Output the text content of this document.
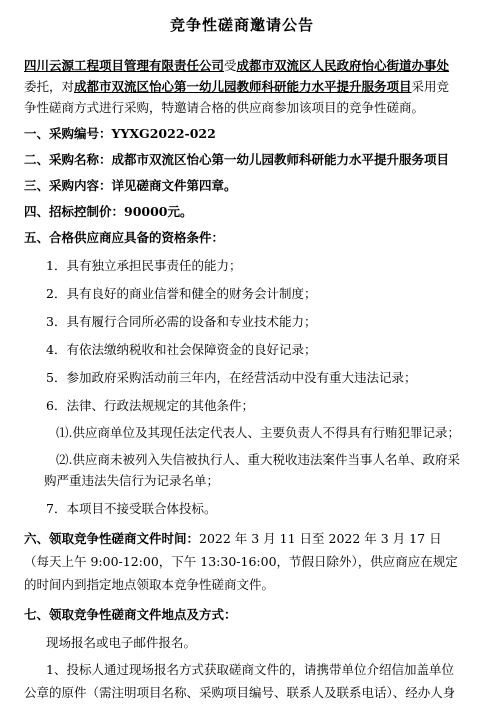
竞争性磋商邀请公告

四川云源工程项目管理有限责任公司受成都市双流区人民政府怡心街道办事处委托，对成都市双流区怡心第一幼儿园教师科研能力水平提升服务项目采用竞争性磋商方式进行采购，特邀请合格的供应商参加该项目的竞争性磋商。

一、采购编号：YYXG2022-022

二、采购名称：成都市双流区怡心第一幼儿园教师科研能力水平提升服务项目

三、采购内容：详见磋商文件第四章。

四、招标控制价：90000元。

五、合格供应商应具备的资格条件：

1．具有独立承担民事责任的能力；

2．具有良好的商业信誉和健全的财务会计制度；

3．具有履行合同所必需的设备和专业技术能力；

4．有依法缴纳税收和社会保障资金的良好记录；

5．参加政府采购活动前三年内，在经营活动中没有重大违法记录；

6．法律、行政法规规定的其他条件；

⑴.供应商单位及其现任法定代表人、主要负责人不得具有行贿犯罪记录；

⑵.供应商未被列入失信被执行人、重大税收违法案件当事人名单、政府采购严重违法失信行为记录名单；

7．本项目不接受联合体投标。

六、领取竞争性磋商文件时间：2022 年 3 月 11 日至 2022 年 3 月 17 日（每天上午 9:00-12:00，下午 13:30-16:00，节假日除外），供应商应在规定的时间内到指定地点领取本竞争性磋商文件。

七、领取竞争性磋商文件地点及方式：

现场报名或电子邮件报名。

1、投标人通过现场报名方式获取磋商文件的，请携带单位介绍信加盖单位公章的原件（需注明项目名称、采购项目编号、联系人及联系电话）、经办人身
